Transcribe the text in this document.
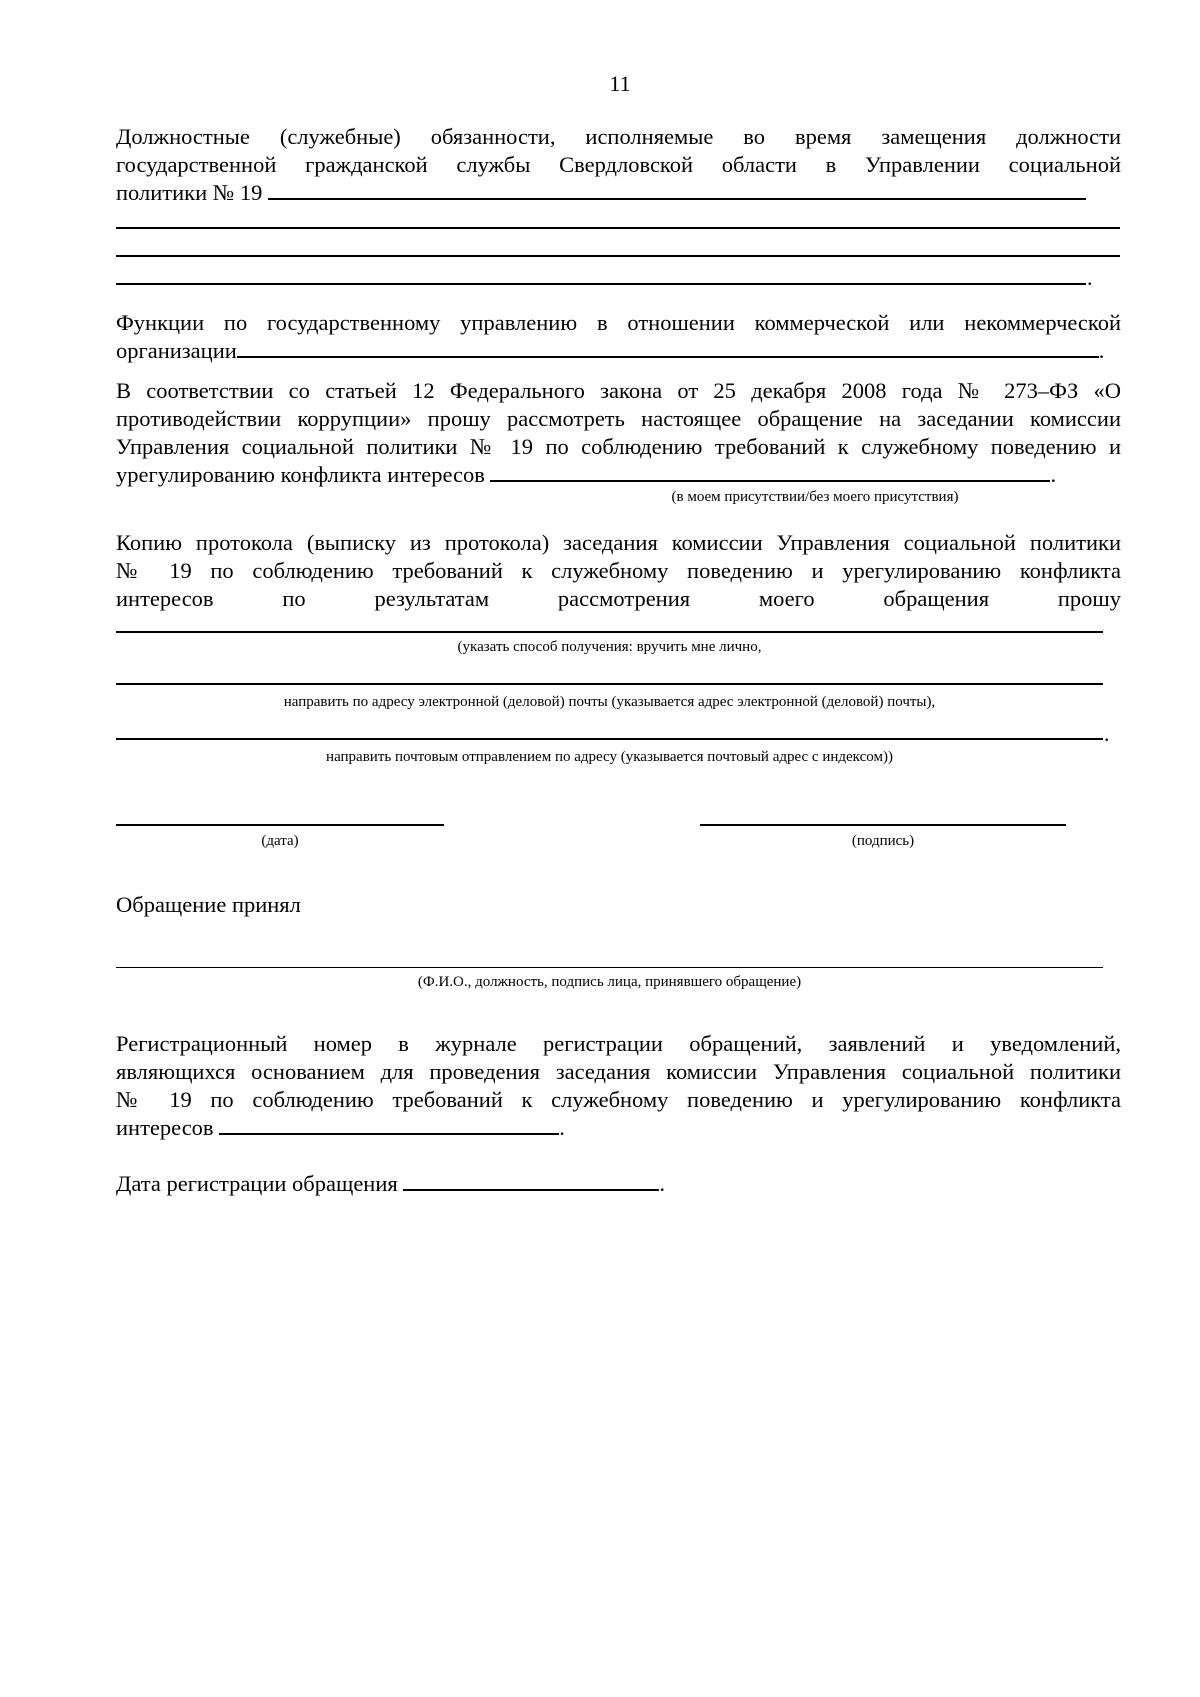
11
Должностные (служебные) обязанности, исполняемые во время замещения должности
государственной гражданской службы Свердловской области в Управлении социальной
политики № 19
.
Функции по государственному управлению в отношении коммерческой или некоммерческой
организации	.
В соответствии со статьей 12 Федерального закона от 25 декабря 2008 года № 273–ФЗ «О
противодействии коррупции» прошу рассмотреть настоящее обращение на заседании комиссии
Управления социальной политики № 19 по соблюдению требований к служебному поведению и
урегулированию конфликта интересов	.
(в моем присутствии/без моего присутствия)
Копию протокола (выписку из протокола) заседания комиссии Управления социальной политики
№ 19 по соблюдению требований к служебному поведению и урегулированию конфликта
интересов по результатам рассмотрения моего обращения прошу
(указать способ получения: вручить мне лично,
направить по адресу электронной (деловой) почты (указывается адрес электронной (деловой) почты),
.
направить почтовым отправлением по адресу (указывается почтовый адрес с индексом))
(дата)	(подпись)
Обращение принял
(Ф.И.О., должность, подпись лица, принявшего обращение)
Регистрационный номер в журнале регистрации обращений, заявлений и уведомлений,
являющихся основанием для проведения заседания комиссии Управления социальной политики
№ 19 по соблюдению требований к служебному поведению и урегулированию конфликта
интересов	.
Дата регистрации обращения	.
